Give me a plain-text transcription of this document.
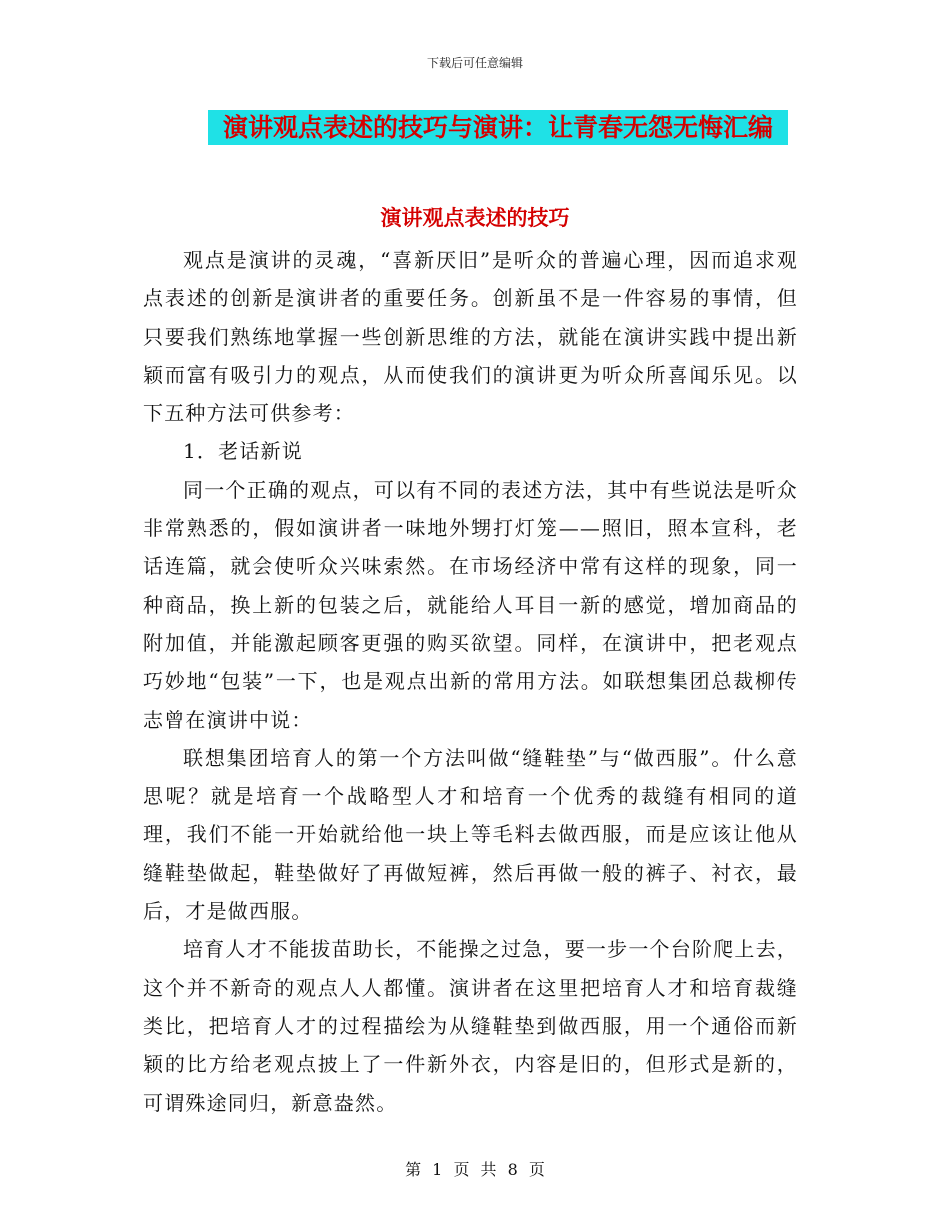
下载后可任意编辑
演讲观点表述的技巧与演讲：让青春无怨无悔汇编
演讲观点表述的技巧

观点是演讲的灵魂，“喜新厌旧”是听众的普遍心理，因而追求观点表述的创新是演讲者的重要任务。创新虽不是一件容易的事情，但只要我们熟练地掌握一些创新思维的方法，就能在演讲实践中提出新颖而富有吸引力的观点，从而使我们的演讲更为听众所喜闻乐见。以下五种方法可供参考：

1．老话新说

同一个正确的观点，可以有不同的表述方法，其中有些说法是听众非常熟悉的，假如演讲者一味地外甥打灯笼——照旧，照本宣科，老话连篇，就会使听众兴味索然。在市场经济中常有这样的现象，同一种商品，换上新的包装之后，就能给人耳目一新的感觉，增加商品的附加值，并能激起顾客更强的购买欲望。同样，在演讲中，把老观点巧妙地“包装”一下，也是观点出新的常用方法。如联想集团总裁柳传志曾在演讲中说：

联想集团培育人的第一个方法叫做“缝鞋垫”与“做西服”。什么意思呢？就是培育一个战略型人才和培育一个优秀的裁缝有相同的道理，我们不能一开始就给他一块上等毛料去做西服，而是应该让他从缝鞋垫做起，鞋垫做好了再做短裤，然后再做一般的裤子、衬衣，最后，才是做西服。

培育人才不能拔苗助长，不能操之过急，要一步一个台阶爬上去，这个并不新奇的观点人人都懂。演讲者在这里把培育人才和培育裁缝类比，把培育人才的过程描绘为从缝鞋垫到做西服，用一个通俗而新颖的比方给老观点披上了一件新外衣，内容是旧的，但形式是新的，可谓殊途同归，新意盎然。

第 1 页 共 8 页
